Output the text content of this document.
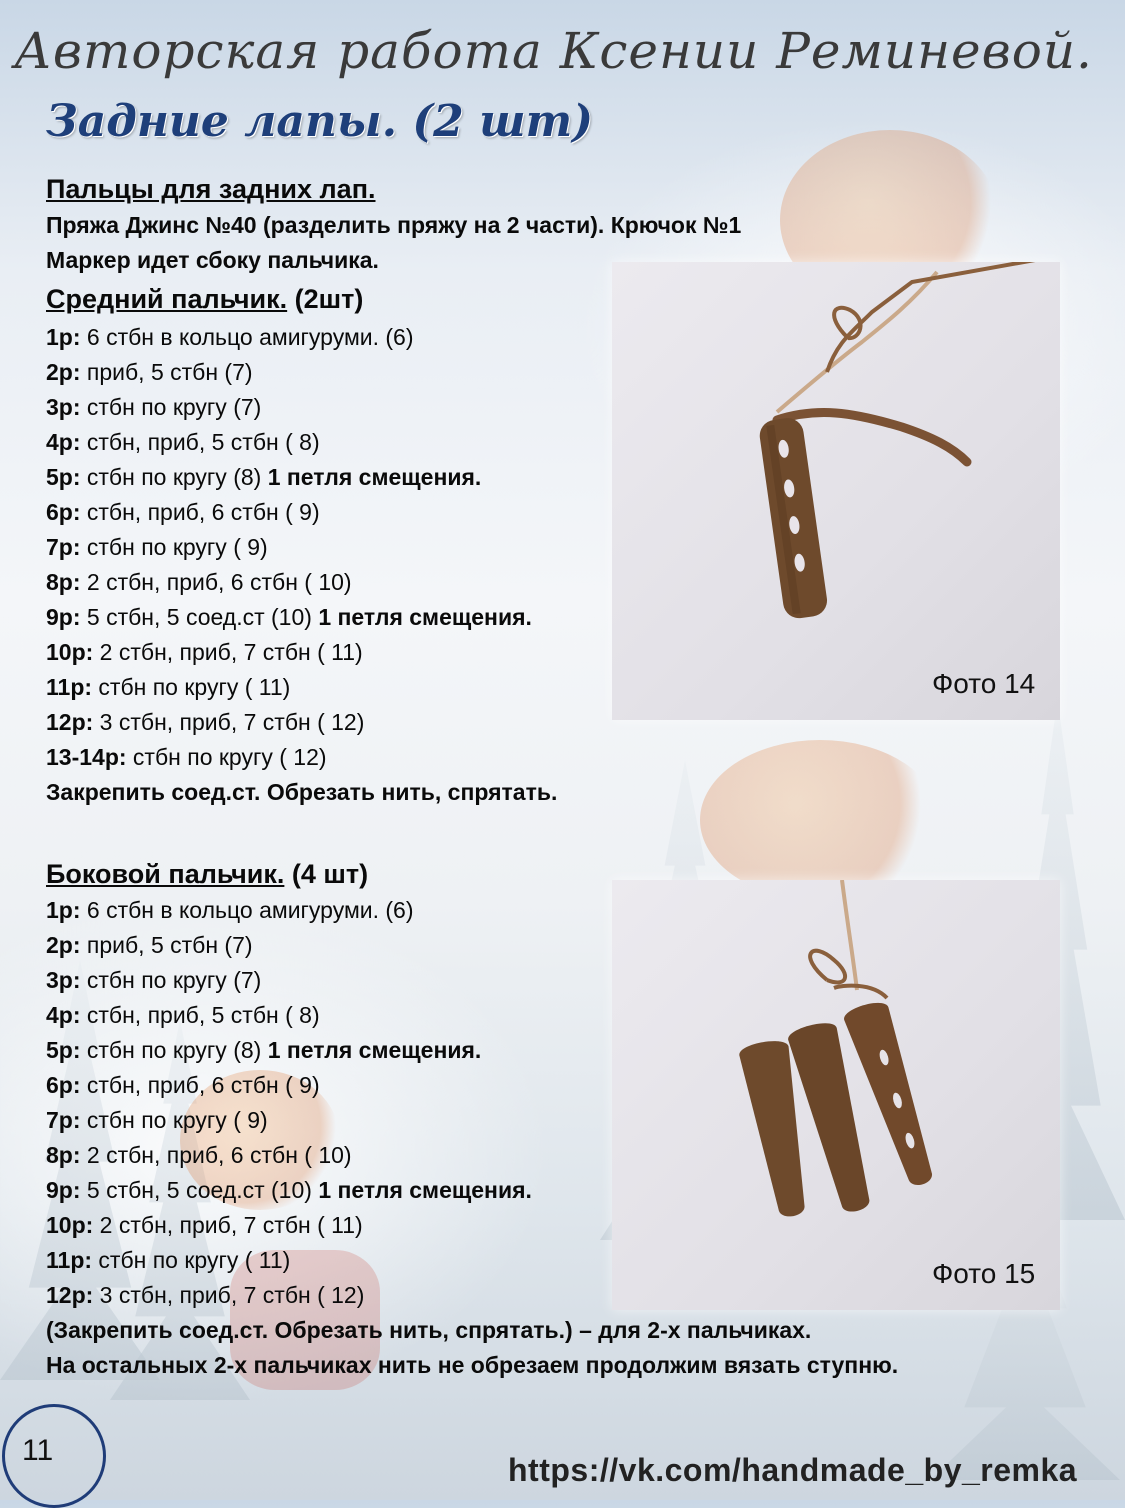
Авторская работа Ксении Реминевой.
Задние лапы. (2 шт)
Пальцы для задних лап.
Пряжа Джинс №40 (разделить пряжу на 2 части). Крючок №1
Маркер идет сбоку пальчика.
Средний пальчик. (2шт)
1р: 6 стбн в кольцо амигуруми. (6)
2р: приб, 5 стбн (7)
3р: стбн по кругу (7)
4р: стбн, приб, 5 стбн ( 8)
5р: стбн по кругу (8) 1 петля смещения.
6р: стбн, приб, 6 стбн ( 9)
7р: стбн по кругу ( 9)
8р: 2 стбн, приб, 6 стбн ( 10)
9р: 5 стбн, 5 соед.ст (10) 1 петля смещения.
10р: 2 стбн, приб, 7 стбн ( 11)
11р: стбн по кругу ( 11)
12р: 3 стбн, приб, 7 стбн ( 12)
13-14р: стбн по кругу ( 12)
Закрепить соед.ст. Обрезать нить, спрятать.
Боковой пальчик. (4 шт)
1р: 6 стбн в кольцо амигуруми. (6)
2р: приб, 5 стбн (7)
3р: стбн по кругу (7)
4р: стбн, приб, 5 стбн ( 8)
5р: стбн по кругу (8) 1 петля смещения.
6р: стбн, приб, 6 стбн ( 9)
7р: стбн по кругу ( 9)
8р: 2 стбн, приб, 6 стбн ( 10)
9р: 5 стбн, 5 соед.ст (10) 1 петля смещения.
10р: 2 стбн, приб, 7 стбн ( 11)
11р: стбн по кругу ( 11)
12р: 3 стбн, приб, 7 стбн ( 12)
(Закрепить соед.ст. Обрезать нить, спрятать.) – для 2-х пальчиках.
На остальных 2-х пальчиках нить не обрезаем продолжим вязать ступню.
Фото 14
Фото 15
11
https://vk.com/handmade_by_remka
